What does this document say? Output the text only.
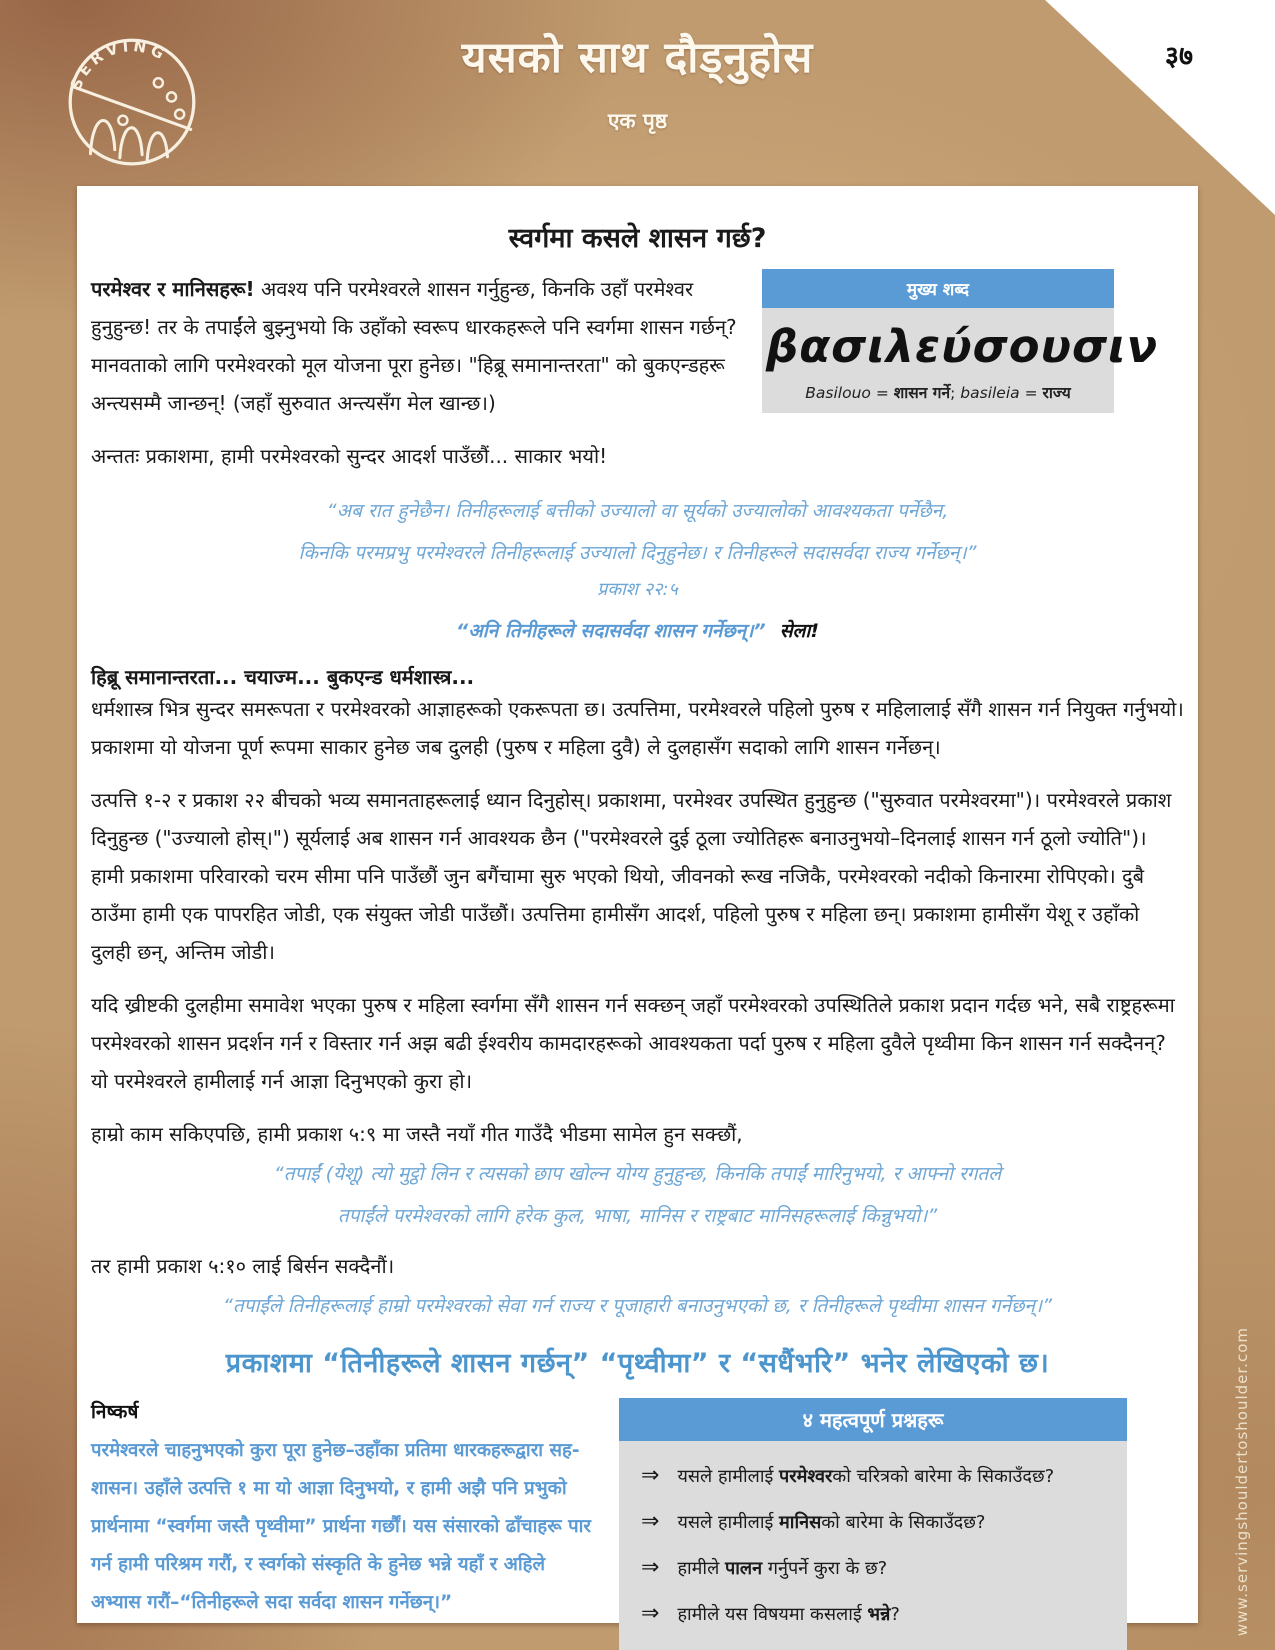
३७
SERVING	यसको साथ दौड्नुहोस
एक पृष्ठ
स्वर्गमा कसले शासन गर्छ?
मुख्य शब्द
βασιλεύσουσιν
Basilouo = शासन गर्ने; basileia = राज्य

परमेश्वर र मानिसहरू! अवश्य पनि परमेश्वरले शासन गर्नुहुन्छ, किनकि उहाँ परमेश्वर हुनुहुन्छ! तर के तपाईंले बुझ्नुभयो कि उहाँको स्वरूप धारकहरूले पनि स्वर्गमा शासन गर्छन्? मानवताको लागि परमेश्वरको मूल योजना पूरा हुनेछ। "हिब्रू समानान्तरता" को बुकएन्डहरू अन्त्यसम्मै जान्छन्! (जहाँ सुरुवात अन्त्यसँग मेल खान्छ।)

अन्ततः प्रकाशमा, हामी परमेश्वरको सुन्दर आदर्श पाउँछौं... साकार भयो!

“अब रात हुनेछैन। तिनीहरूलाई बत्तीको उज्यालो वा सूर्यको उज्यालोको आवश्यकता पर्नेछैन,
किनकि परमप्रभु परमेश्वरले तिनीहरूलाई उज्यालो दिनुहुनेछ। र तिनीहरूले सदासर्वदा राज्य गर्नेछन्।”
प्रकाश २२:५
“अनि तिनीहरूले सदासर्वदा शासन गर्नेछन्।” सेला!
हिब्रू समानान्तरता... चयाज्म... बुकएन्ड धर्मशास्त्र...

धर्मशास्त्र भित्र सुन्दर समरूपता र परमेश्वरको आज्ञाहरूको एकरूपता छ। उत्पत्तिमा, परमेश्वरले पहिलो पुरुष र महिलालाई सँगै शासन गर्न नियुक्त गर्नुभयो। प्रकाशमा यो योजना पूर्ण रूपमा साकार हुनेछ जब दुलही (पुरुष र महिला दुवै) ले दुलहासँग सदाको लागि शासन गर्नेछन्।

उत्पत्ति १-२ र प्रकाश २२ बीचको भव्य समानताहरूलाई ध्यान दिनुहोस्। प्रकाशमा, परमेश्वर उपस्थित हुनुहुन्छ ("सुरुवात परमेश्वरमा")। परमेश्वरले प्रकाश दिनुहुन्छ ("उज्यालो होस्।") सूर्यलाई अब शासन गर्न आवश्यक छैन ("परमेश्वरले दुई ठूला ज्योतिहरू बनाउनुभयो–दिनलाई शासन गर्न ठूलो ज्योति")। हामी प्रकाशमा परिवारको चरम सीमा पनि पाउँछौं जुन बगैंचामा सुरु भएको थियो, जीवनको रूख नजिकै, परमेश्वरको नदीको किनारमा रोपिएको। दुबै ठाउँमा हामी एक पापरहित जोडी, एक संयुक्त जोडी पाउँछौं। उत्पत्तिमा हामीसँग आदर्श, पहिलो पुरुष र महिला छन्। प्रकाशमा हामीसँग येशू र उहाँको दुलही छन्, अन्तिम जोडी।

यदि ख्रीष्टकी दुलहीमा समावेश भएका पुरुष र महिला स्वर्गमा सँगै शासन गर्न सक्छन् जहाँ परमेश्वरको उपस्थितिले प्रकाश प्रदान गर्दछ भने, सबै राष्ट्रहरूमा परमेश्वरको शासन प्रदर्शन गर्न र विस्तार गर्न अझ बढी ईश्वरीय कामदारहरूको आवश्यकता पर्दा पुरुष र महिला दुवैले पृथ्वीमा किन शासन गर्न सक्दैनन्? यो परमेश्वरले हामीलाई गर्न आज्ञा दिनुभएको कुरा हो।

हाम्रो काम सकिएपछि, हामी प्रकाश ५:९ मा जस्तै नयाँ गीत गाउँदै भीडमा सामेल हुन सक्छौं,

“तपाईं (येशू) त्यो मुट्ठो लिन र त्यसको छाप खोल्न योग्य हुनुहुन्छ, किनकि तपाईं मारिनुभयो, र आफ्नो रगतले
तपाईंले परमेश्वरको लागि हरेक कुल, भाषा, मानिस र राष्ट्रबाट मानिसहरूलाई किन्नुभयो।”

तर हामी प्रकाश ५:१० लाई बिर्सन सक्दैनौं।

“तपाईंले तिनीहरूलाई हाम्रो परमेश्वरको सेवा गर्न राज्य र पूजाहारी बनाउनुभएको छ, र तिनीहरूले पृथ्वीमा शासन गर्नेछन्।”
प्रकाशमा “तिनीहरूले शासन गर्छन्” “पृथ्वीमा” र “सधैंभरि” भनेर लेखिएको छ।
निष्कर्ष
परमेश्वरले चाहनुभएको कुरा पूरा हुनेछ–उहाँका प्रतिमा धारकहरूद्वारा सह-शासन। उहाँले उत्पत्ति १ मा यो आज्ञा दिनुभयो, र हामी अझै पनि प्रभुको प्रार्थनामा “स्वर्गमा जस्तै पृथ्वीमा” प्रार्थना गर्छौं। यस संसारको ढाँचाहरू पार गर्न हामी परिश्रम गरौं, र स्वर्गको संस्कृति के हुनेछ भन्ने यहाँ र अहिले अभ्यास गरौं–“तिनीहरूले सदा सर्वदा शासन गर्नेछन्।”
४ महत्वपूर्ण प्रश्नहरू
⇒ यसले हामीलाई परमेश्वरको चरित्रको बारेमा के सिकाउँदछ?
⇒ यसले हामीलाई मानिसको बारेमा के सिकाउँदछ?
⇒ हामीले पालन गर्नुपर्ने कुरा के छ?
⇒ हामीले यस विषयमा कसलाई भन्ने?	www.servingshouldertoshoulder.com
